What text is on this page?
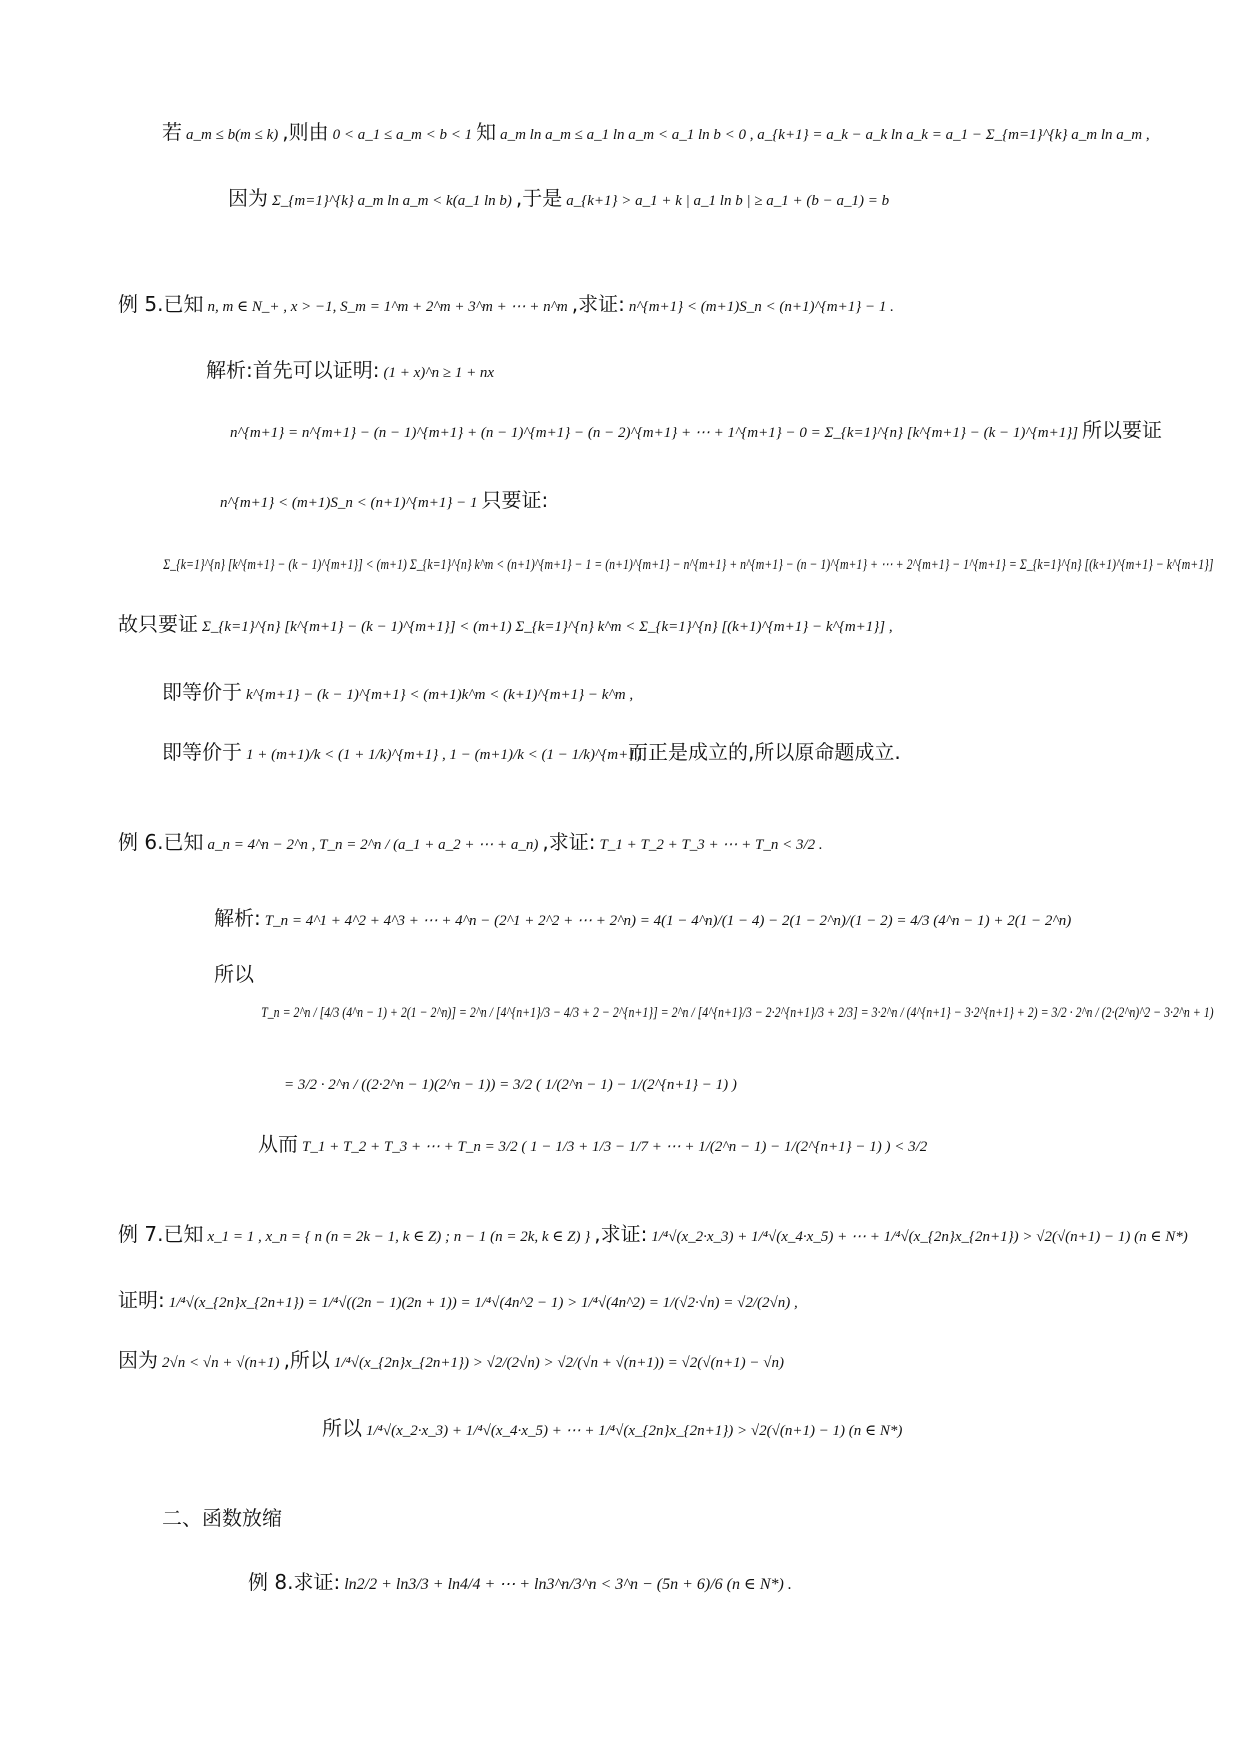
若 a_m ≤ b(m ≤ k) ,则由 0 < a_1 ≤ a_m < b < 1 知 a_m ln a_m ≤ a_1 ln a_m < a_1 ln b < 0 , a_{k+1} = a_k − a_k ln a_k = a_1 − Σ_{m=1}^{k} a_m ln a_m ,
因为 Σ_{m=1}^{k} a_m ln a_m < k(a_1 ln b) ,于是 a_{k+1} > a_1 + k | a_1 ln b | ≥ a_1 + (b − a_1) = b
例 5.已知 n, m ∈ N_+ , x > −1, S_m = 1^m + 2^m + 3^m + ⋯ + n^m ,求证: n^{m+1} < (m+1)S_n < (n+1)^{m+1} − 1 .
解析:首先可以证明: (1 + x)^n ≥ 1 + nx
n^{m+1} = n^{m+1} − (n − 1)^{m+1} + (n − 1)^{m+1} − (n − 2)^{m+1} + ⋯ + 1^{m+1} − 0 = Σ_{k=1}^{n} [k^{m+1} − (k − 1)^{m+1}] 所以要证
n^{m+1} < (m+1)S_n < (n+1)^{m+1} − 1 只要证:
Σ_{k=1}^{n} [k^{m+1} − (k − 1)^{m+1}] < (m+1) Σ_{k=1}^{n} k^m < (n+1)^{m+1} − 1 = (n+1)^{m+1} − n^{m+1} + n^{m+1} − (n − 1)^{m+1} + ⋯ + 2^{m+1} − 1^{m+1} = Σ_{k=1}^{n} [(k+1)^{m+1} − k^{m+1}]
故只要证 Σ_{k=1}^{n} [k^{m+1} − (k − 1)^{m+1}] < (m+1) Σ_{k=1}^{n} k^m < Σ_{k=1}^{n} [(k+1)^{m+1} − k^{m+1}] ,
即等价于 k^{m+1} − (k − 1)^{m+1} < (m+1)k^m < (k+1)^{m+1} − k^m ,
即等价于 1 + (m+1)/k < (1 + 1/k)^{m+1} , 1 − (m+1)/k < (1 − 1/k)^{m+1}
而正是成立的,所以原命题成立.
例 6.已知 a_n = 4^n − 2^n , T_n = 2^n / (a_1 + a_2 + ⋯ + a_n) ,求证: T_1 + T_2 + T_3 + ⋯ + T_n < 3/2 .
解析: T_n = 4^1 + 4^2 + 4^3 + ⋯ + 4^n − (2^1 + 2^2 + ⋯ + 2^n) = 4(1 − 4^n)/(1 − 4) − 2(1 − 2^n)/(1 − 2) = 4/3 (4^n − 1) + 2(1 − 2^n)
所以
T_n = 2^n / [4/3 (4^n − 1) + 2(1 − 2^n)] = 2^n / [4^{n+1}/3 − 4/3 + 2 − 2^{n+1}] = 2^n / [4^{n+1}/3 − 2·2^{n+1}/3 + 2/3] = 3·2^n / (4^{n+1} − 3·2^{n+1} + 2) = 3/2 · 2^n / (2·(2^n)^2 − 3·2^n + 1)
= 3/2 · 2^n / ((2·2^n − 1)(2^n − 1)) = 3/2 ( 1/(2^n − 1) − 1/(2^{n+1} − 1) )
从而 T_1 + T_2 + T_3 + ⋯ + T_n = 3/2 ( 1 − 1/3 + 1/3 − 1/7 + ⋯ + 1/(2^n − 1) − 1/(2^{n+1} − 1) ) < 3/2
例 7.已知 x_1 = 1 , x_n = { n (n = 2k − 1, k ∈ Z) ; n − 1 (n = 2k, k ∈ Z) } ,求证: 1/⁴√(x_2·x_3) + 1/⁴√(x_4·x_5) + ⋯ + 1/⁴√(x_{2n}x_{2n+1}) > √2(√(n+1) − 1) (n ∈ N*)
证明: 1/⁴√(x_{2n}x_{2n+1}) = 1/⁴√((2n − 1)(2n + 1)) = 1/⁴√(4n^2 − 1) > 1/⁴√(4n^2) = 1/(√2·√n) = √2/(2√n) ,
因为 2√n < √n + √(n+1) ,所以 1/⁴√(x_{2n}x_{2n+1}) > √2/(2√n) > √2/(√n + √(n+1)) = √2(√(n+1) − √n)
所以 1/⁴√(x_2·x_3) + 1/⁴√(x_4·x_5) + ⋯ + 1/⁴√(x_{2n}x_{2n+1}) > √2(√(n+1) − 1) (n ∈ N*)
二、函数放缩
例 8.求证: ln2/2 + ln3/3 + ln4/4 + ⋯ + ln3^n/3^n < 3^n − (5n + 6)/6 (n ∈ N*) .
